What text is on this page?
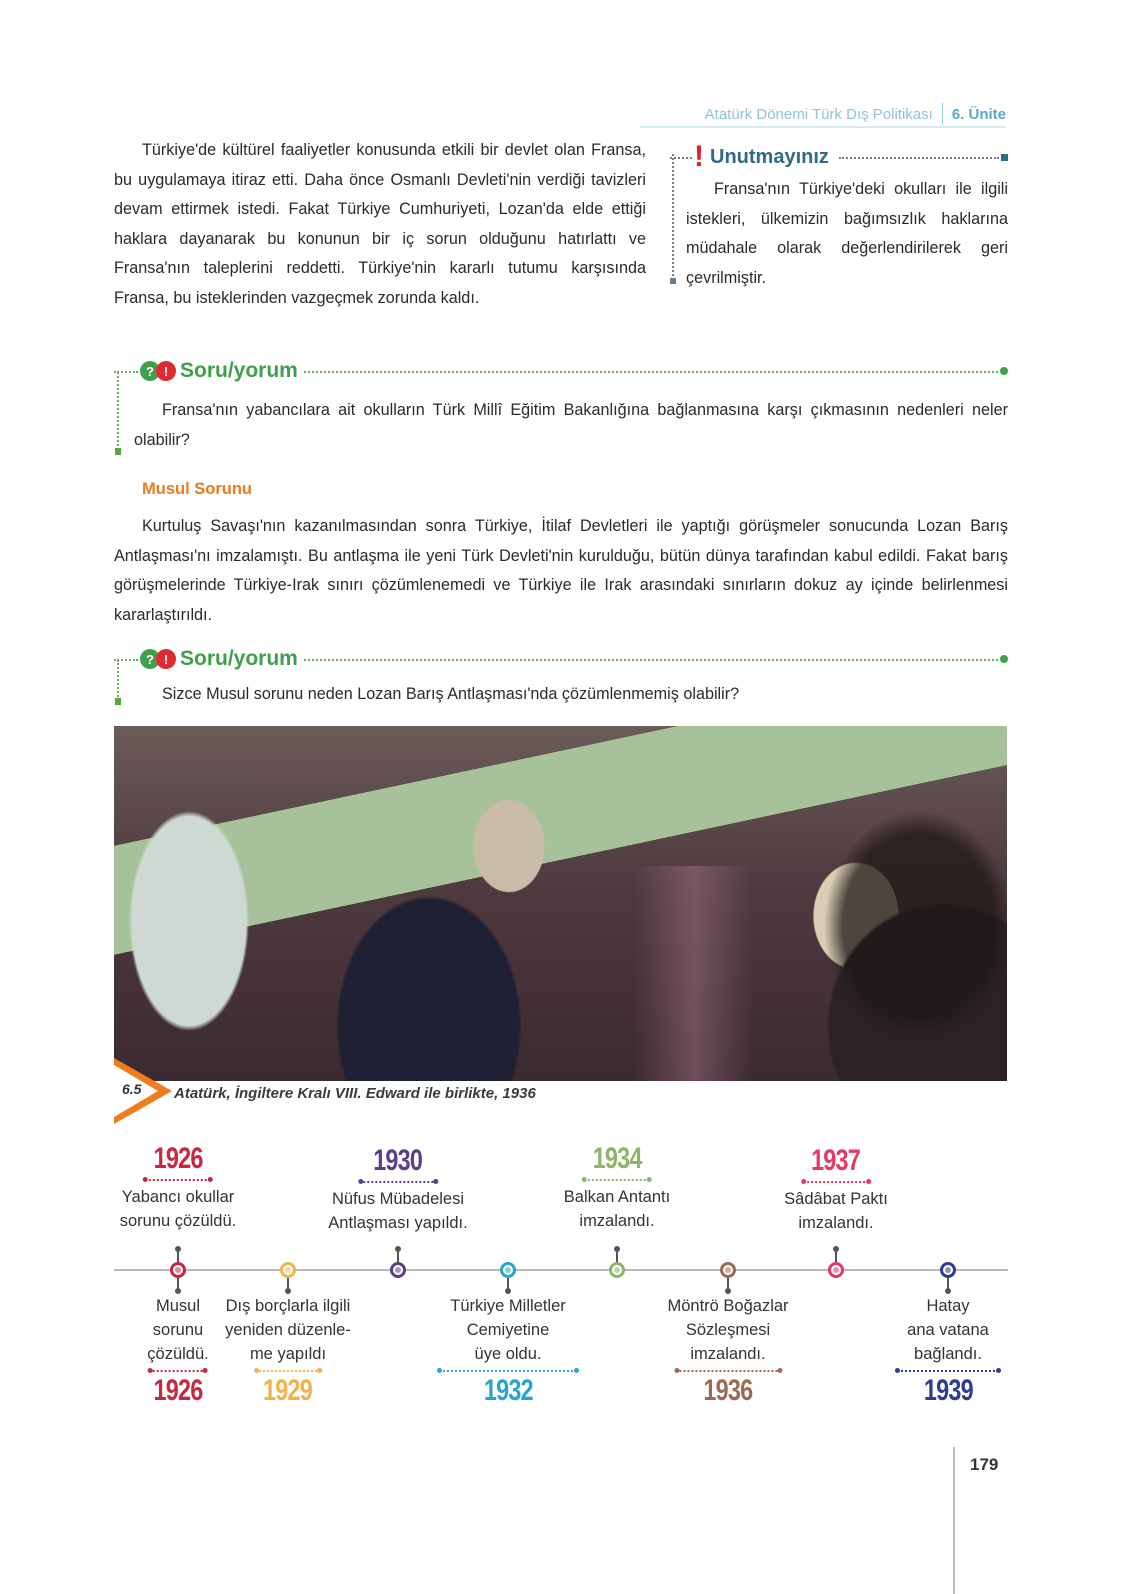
Atatürk Dönemi Türk Dış Politikası 6. Ünite

Türkiye'de kültürel faaliyetler konusunda etkili bir devlet olan Fransa, bu uygulamaya itiraz etti. Daha önce Osmanlı Devleti'nin verdiği tavizleri devam ettirmek istedi. Fakat Türkiye Cumhuriyeti, Lozan'da elde ettiği haklara dayanarak bu konunun bir iç sorun olduğunu hatırlattı ve Fransa'nın taleplerini reddetti. Türkiye'nin kararlı tutumu karşısında Fransa, bu isteklerinden vazgeçmek zorunda kaldı.

! Unutmayınız

Fransa'nın Türkiye'deki okulları ile ilgili istekleri, ülkemizin bağımsızlık haklarına müdahale olarak değerlendirilerek geri çevrilmiştir.

? ! Soru/yorum

Fransa'nın yabancılara ait okulların Türk Millî Eğitim Bakanlığına bağlanmasına karşı çıkmasının nedenleri neler olabilir?

Musul Sorunu

Kurtuluş Savaşı'nın kazanılmasından sonra Türkiye, İtilaf Devletleri ile yaptığı görüşmeler sonucunda Lozan Barış Antlaşması'nı imzalamıştı. Bu antlaşma ile yeni Türk Devleti'nin kurulduğu, bütün dünya tarafından kabul edildi. Fakat barış görüşmelerinde Türkiye-Irak sınırı çözümlenemedi ve Türkiye ile Irak arasındaki sınırların dokuz ay içinde belirlenmesi kararlaştırıldı.

? ! Soru/yorum

Sizce Musul sorunu neden Lozan Barış Antlaşması'nda çözümlenmemiş olabilir?

6.5 Atatürk, İngiltere Kralı VIII. Edward ile birlikte, 1936
1926
Yabancı okullar
sorunu çözüldü.
1930
Nüfus Mübadelesi
Antlaşması yapıldı.
1934
Balkan Antantı
imzalandı.
1937
Sâdâbat Paktı
imzalandı.
Musul
sorunu
çözüldü.
1926
Dış borçlarla ilgili
yeniden düzenle-
me yapıldı
1929
Türkiye Milletler
Cemiyetine
üye oldu.
1932
Möntrö Boğazlar
Sözleşmesi
imzalandı.
1936
Hatay
ana vatana
bağlandı.
1939
179
